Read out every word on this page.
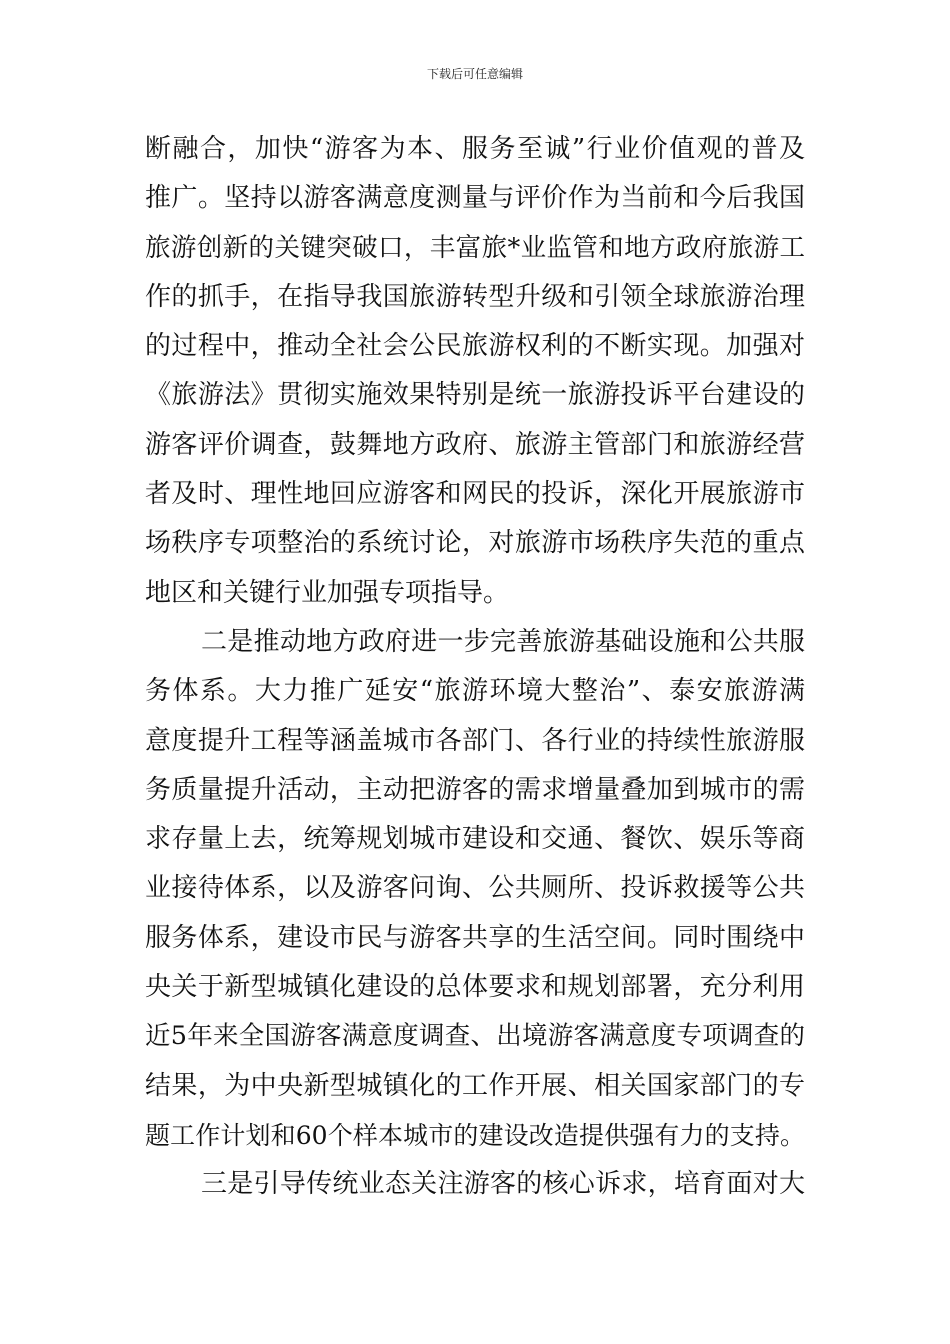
下载后可任意编辑
断融合，加快“游客为本、服务至诚”行业价值观的普及
推广。坚持以游客满意度测量与评价作为当前和今后我国
旅游创新的关键突破口，丰富旅*业监管和地方政府旅游工
作的抓手，在指导我国旅游转型升级和引领全球旅游治理
的过程中，推动全社会公民旅游权利的不断实现。加强对
《旅游法》贯彻实施效果特别是统一旅游投诉平台建设的
游客评价调查，鼓舞地方政府、旅游主管部门和旅游经营
者及时、理性地回应游客和网民的投诉，深化开展旅游市
场秩序专项整治的系统讨论，对旅游市场秩序失范的重点
地区和关键行业加强专项指导。
二是推动地方政府进一步完善旅游基础设施和公共服
务体系。大力推广延安“旅游环境大整治”、泰安旅游满
意度提升工程等涵盖城市各部门、各行业的持续性旅游服
务质量提升活动，主动把游客的需求增量叠加到城市的需
求存量上去，统筹规划城市建设和交通、餐饮、娱乐等商
业接待体系，以及游客问询、公共厕所、投诉救援等公共
服务体系，建设市民与游客共享的生活空间。同时围绕中
央关于新型城镇化建设的总体要求和规划部署，充分利用
近5年来全国游客满意度调查、出境游客满意度专项调查的
结果，为中央新型城镇化的工作开展、相关国家部门的专
题工作计划和60个样本城市的建设改造提供强有力的支持。
三是引导传统业态关注游客的核心诉求，培育面对大
